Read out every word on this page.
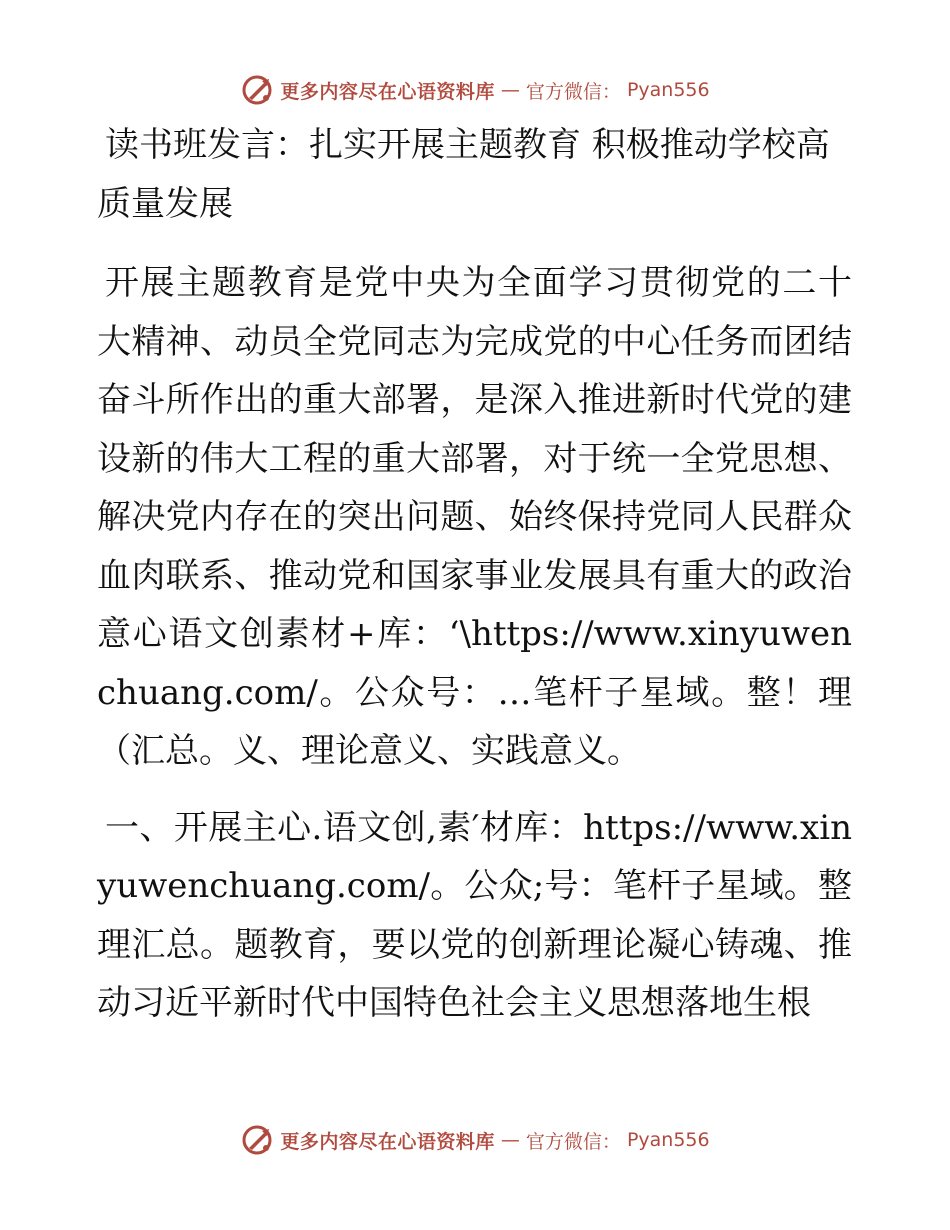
更多内容尽在心语资料库 — 官方微信： Pyan556
读书班发言：扎实开展主题教育 积极推动学校高质量发展

开展主题教育是党中央为全面学习贯彻党的二十大精神、动员全党同志为完成党的中心任务而团结奋斗所作出的重大部署，是深入推进新时代党的建设新的伟大工程的重大部署，对于统一全党思想、解决党内存在的突出问题、始终保持党同人民群众血肉联系、推动党和国家事业发展具有重大的政治意心语文创素材+库：‘\https://www.xinyuwenchuang.com/。公众号：…笔杆子星域。整！理（汇总。义、理论意义、实践意义。

一、开展主心.语文创,素′材库：https://www.xinyuwenchuang.com/。公众;号：笔杆子星域。整理汇总。题教育，要以党的创新理论凝心铸魂、推动习近平新时代中国特色社会主义思想落地生根

更多内容尽在心语资料库 — 官方微信： Pyan556
